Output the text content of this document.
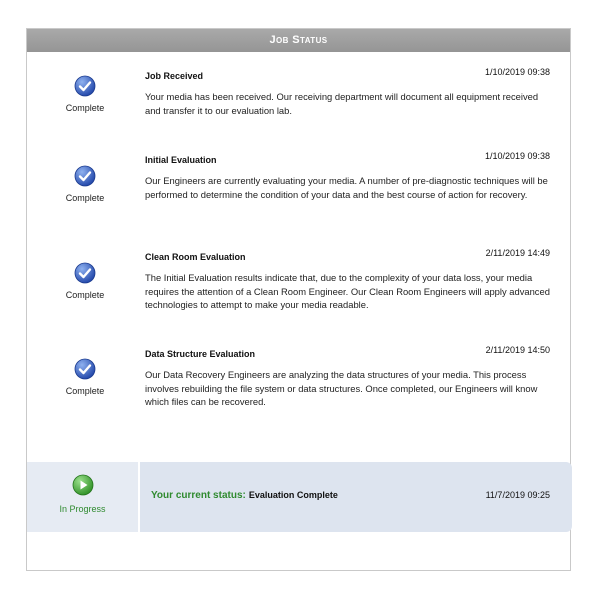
Job Status
Complete
Job Received	1/10/2019 09:38
Your media has been received. Our receiving department will document all equipment received and transfer it to our evaluation lab.
Complete
Initial Evaluation	1/10/2019 09:38
Our Engineers are currently evaluating your media. A number of pre-diagnostic techniques will be performed to determine the condition of your data and the best course of action for recovery.
Complete
Clean Room Evaluation	2/11/2019 14:49
The Initial Evaluation results indicate that, due to the complexity of your data loss, your media requires the attention of a Clean Room Engineer. Our Clean Room Engineers will apply advanced technologies to attempt to make your media readable.
Complete
Data Structure Evaluation	2/11/2019 14:50
Our Data Recovery Engineers are analyzing the data structures of your media. This process involves rebuilding the file system or data structures. Once completed, our Engineers will know which files can be recovered.
In Progress
Your current status: Evaluation Complete	11/7/2019 09:25
